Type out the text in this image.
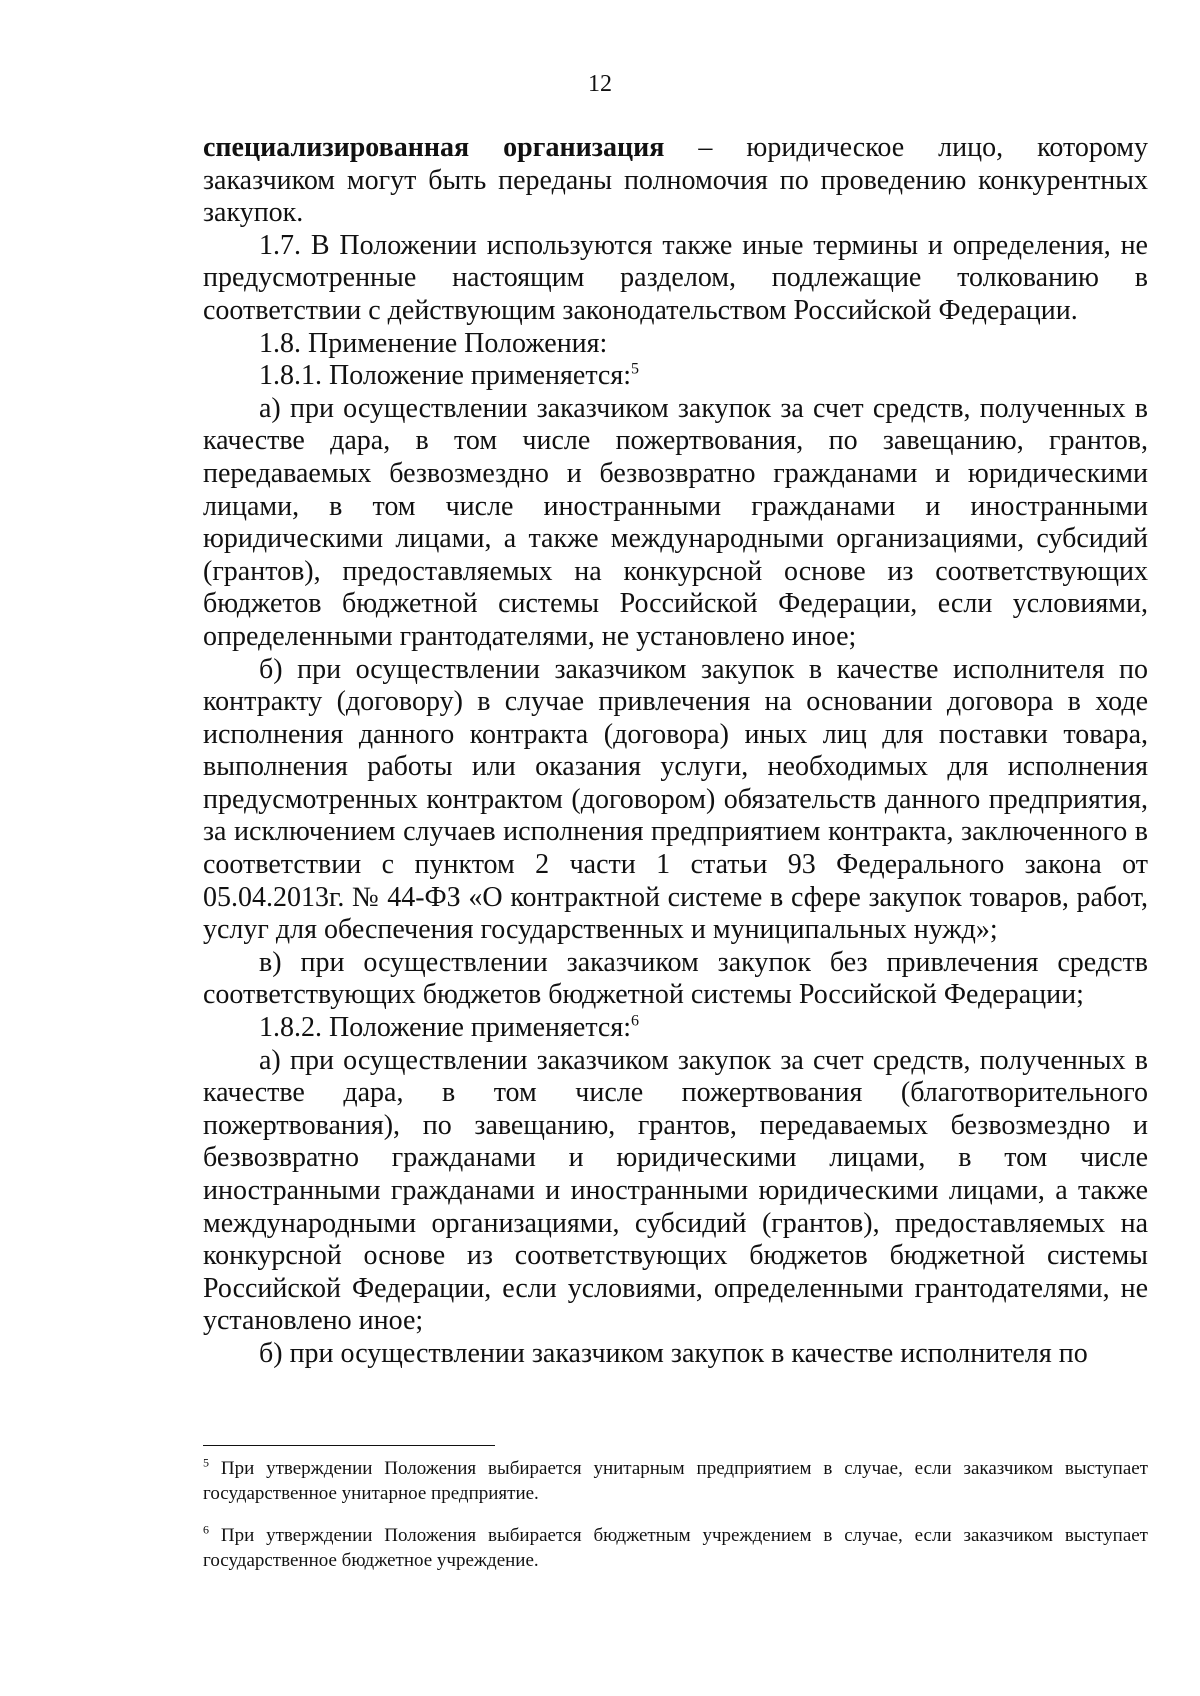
12

специализированная организация – юридическое лицо, которому заказчиком могут быть переданы полномочия по проведению конкурентных закупок.

1.7. В Положении используются также иные термины и определения, не предусмотренные настоящим разделом, подлежащие толкованию в соответствии с действующим законодательством Российской Федерации.

1.8. Применение Положения:

1.8.1. Положение применяется:$^5$

а) при осуществлении заказчиком закупок за счет средств, полученных в качестве дара, в том числе пожертвования, по завещанию, грантов, передаваемых безвозмездно и безвозвратно гражданами и юридическими лицами, в том числе иностранными гражданами и иностранными юридическими лицами, а также международными организациями, субсидий (грантов), предоставляемых на конкурсной основе из соответствующих бюджетов бюджетной системы Российской Федерации, если условиями, определенными грантодателями, не установлено иное;

б) при осуществлении заказчиком закупок в качестве исполнителя по контракту (договору) в случае привлечения на основании договора в ходе исполнения данного контракта (договора) иных лиц для поставки товара, выполнения работы или оказания услуги, необходимых для исполнения предусмотренных контрактом (договором) обязательств данного предприятия, за исключением случаев исполнения предприятием контракта, заключенного в соответствии с пунктом 2 части 1 статьи 93 Федерального закона от 05.04.2013г. № 44-ФЗ «О контрактной системе в сфере закупок товаров, работ, услуг для обеспечения государственных и муниципальных нужд»;

в) при осуществлении заказчиком закупок без привлечения средств соответствующих бюджетов бюджетной системы Российской Федерации;

1.8.2. Положение применяется:$^6$

а) при осуществлении заказчиком закупок за счет средств, полученных в качестве дара, в том числе пожертвования (благотворительного пожертвования), по завещанию, грантов, передаваемых безвозмездно и безвозвратно гражданами и юридическими лицами, в том числе иностранными гражданами и иностранными юридическими лицами, а также международными организациями, субсидий (грантов), предоставляемых на конкурсной основе из соответствующих бюджетов бюджетной системы Российской Федерации, если условиями, определенными грантодателями, не установлено иное;

б) при осуществлении заказчиком закупок в качестве исполнителя по

$^5$ При утверждении Положения выбирается унитарным предприятием в случае, если заказчиком выступает государственное унитарное предприятие.

$^6$ При утверждении Положения выбирается бюджетным учреждением в случае, если заказчиком выступает государственное бюджетное учреждение.
